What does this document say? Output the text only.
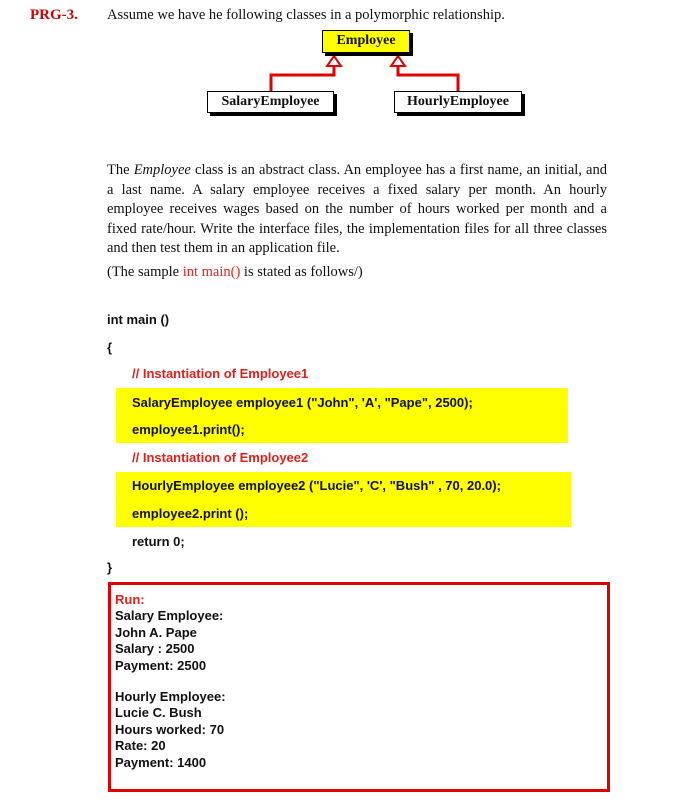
PRG-3. Assume we have he following classes in a polymorphic relationship.
Employee
SalaryEmployee	HourlyEmployee
The Employee class is an abstract class. An employee has a first name, an initial, and a last name. A salary employee receives a fixed salary per month. An hourly employee receives wages based on the number of hours worked per month and a fixed rate/hour. Write the interface files, the implementation files for all three classes and then test them in an application file.
(The sample int main() is stated as follows/)
int main ()
{
// Instantiation of Employee1
SalaryEmployee employee1 ("John", 'A', "Pape", 2500);
employee1.print();
// Instantiation of Employee2
HourlyEmployee employee2 ("Lucie", 'C', "Bush" , 70, 20.0);
employee2.print ();
return 0;
}
Run:
Salary Employee:
John A. Pape
Salary : 2500
Payment: 2500
Hourly Employee:
Lucie C. Bush
Hours worked: 70
Rate: 20
Payment: 1400
